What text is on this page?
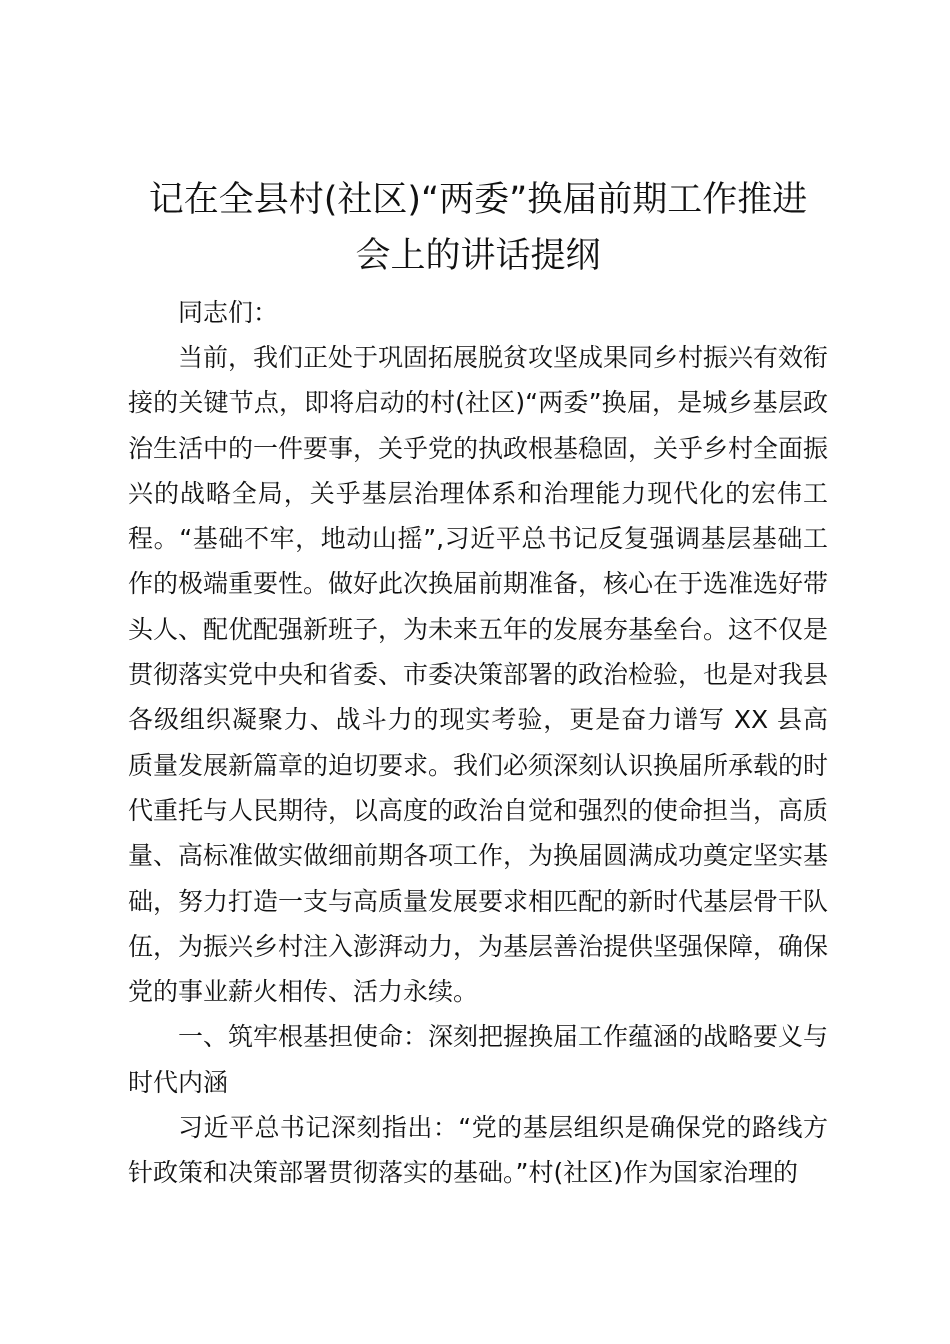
记在全县村(社区)“两委”换届前期工作推进
会上的讲话提纲

同志们：

当前，我们正处于巩固拓展脱贫攻坚成果同乡村振兴有效衔接的关键节点，即将启动的村(社区)“两委”换届，是城乡基层政治生活中的一件要事，关乎党的执政根基稳固，关乎乡村全面振兴的战略全局，关乎基层治理体系和治理能力现代化的宏伟工程。“基础不牢，地动山摇”,习近平总书记反复强调基层基础工作的极端重要性。做好此次换届前期准备，核心在于选准选好带头人、配优配强新班子，为未来五年的发展夯基垒台。这不仅是贯彻落实党中央和省委、市委决策部署的政治检验，也是对我县各级组织凝聚力、战斗力的现实考验，更是奋力谱写 XX 县高质量发展新篇章的迫切要求。我们必须深刻认识换届所承载的时代重托与人民期待，以高度的政治自觉和强烈的使命担当，高质量、高标准做实做细前期各项工作，为换届圆满成功奠定坚实基础，努力打造一支与高质量发展要求相匹配的新时代基层骨干队伍，为振兴乡村注入澎湃动力，为基层善治提供坚强保障，确保党的事业薪火相传、活力永续。

一、筑牢根基担使命：深刻把握换届工作蕴涵的战略要义与时代内涵

习近平总书记深刻指出：“党的基层组织是确保党的路线方针政策和决策部署贯彻落实的基础。”村(社区)作为国家治理的
